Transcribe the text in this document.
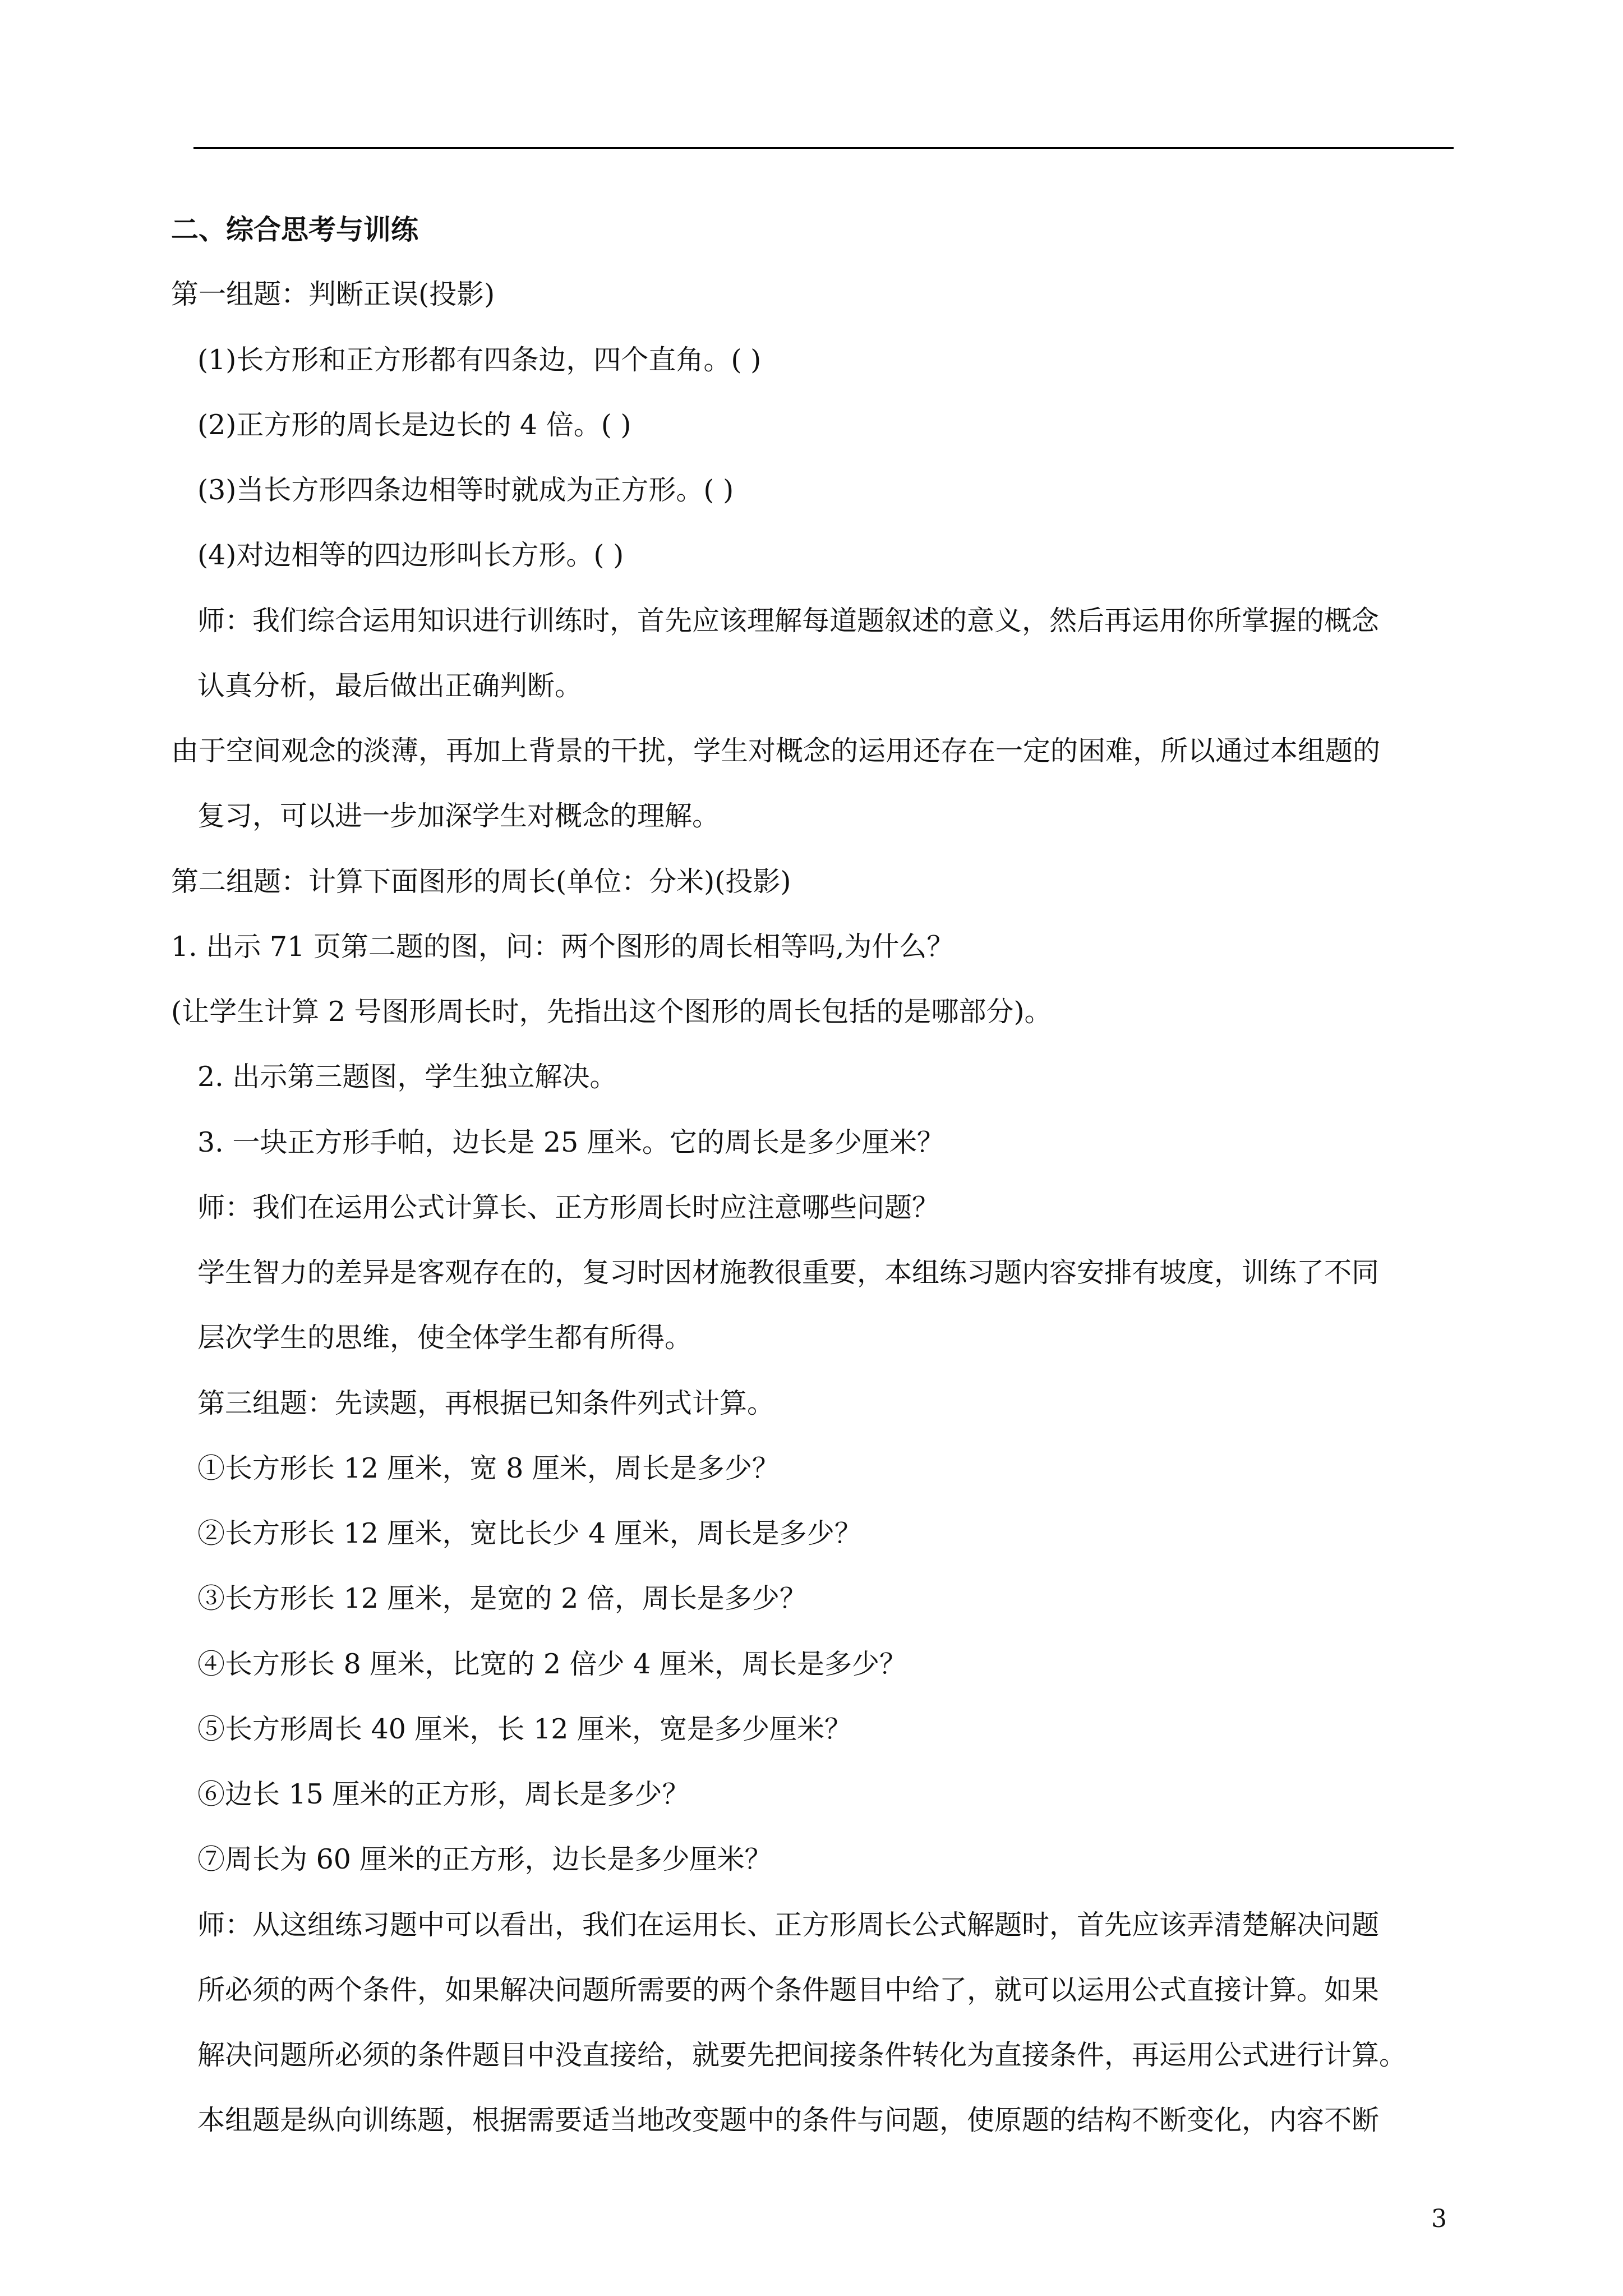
二、综合思考与训练
第一组题：判断正误(投影)
(1)长方形和正方形都有四条边，四个直角。( )
(2)正方形的周长是边长的 4 倍。( )
(3)当长方形四条边相等时就成为正方形。( )
(4)对边相等的四边形叫长方形。( )
师：我们综合运用知识进行训练时，首先应该理解每道题叙述的意义，然后再运用你所掌握的概念
认真分析，最后做出正确判断。
由于空间观念的淡薄，再加上背景的干扰，学生对概念的运用还存在一定的困难，所以通过本组题的
复习，可以进一步加深学生对概念的理解。
第二组题：计算下面图形的周长(单位：分米)(投影)
1. 出示 71 页第二题的图，问：两个图形的周长相等吗,为什么？
(让学生计算 2 号图形周长时，先指出这个图形的周长包括的是哪部分)。
2. 出示第三题图，学生独立解决。
3. 一块正方形手帕，边长是 25 厘米。它的周长是多少厘米？
师：我们在运用公式计算长、正方形周长时应注意哪些问题？
学生智力的差异是客观存在的，复习时因材施教很重要，本组练习题内容安排有坡度，训练了不同
层次学生的思维，使全体学生都有所得。
第三组题：先读题，再根据已知条件列式计算。
①长方形长 12 厘米，宽 8 厘米，周长是多少？
②长方形长 12 厘米，宽比长少 4 厘米，周长是多少？
③长方形长 12 厘米，是宽的 2 倍，周长是多少？
④长方形长 8 厘米，比宽的 2 倍少 4 厘米，周长是多少？
⑤长方形周长 40 厘米，长 12 厘米，宽是多少厘米？
⑥边长 15 厘米的正方形，周长是多少？
⑦周长为 60 厘米的正方形，边长是多少厘米？
师：从这组练习题中可以看出，我们在运用长、正方形周长公式解题时，首先应该弄清楚解决问题
所必须的两个条件，如果解决问题所需要的两个条件题目中给了，就可以运用公式直接计算。如果
解决问题所必须的条件题目中没直接给，就要先把间接条件转化为直接条件，再运用公式进行计算。
本组题是纵向训练题，根据需要适当地改变题中的条件与问题，使原题的结构不断变化，内容不断
3
